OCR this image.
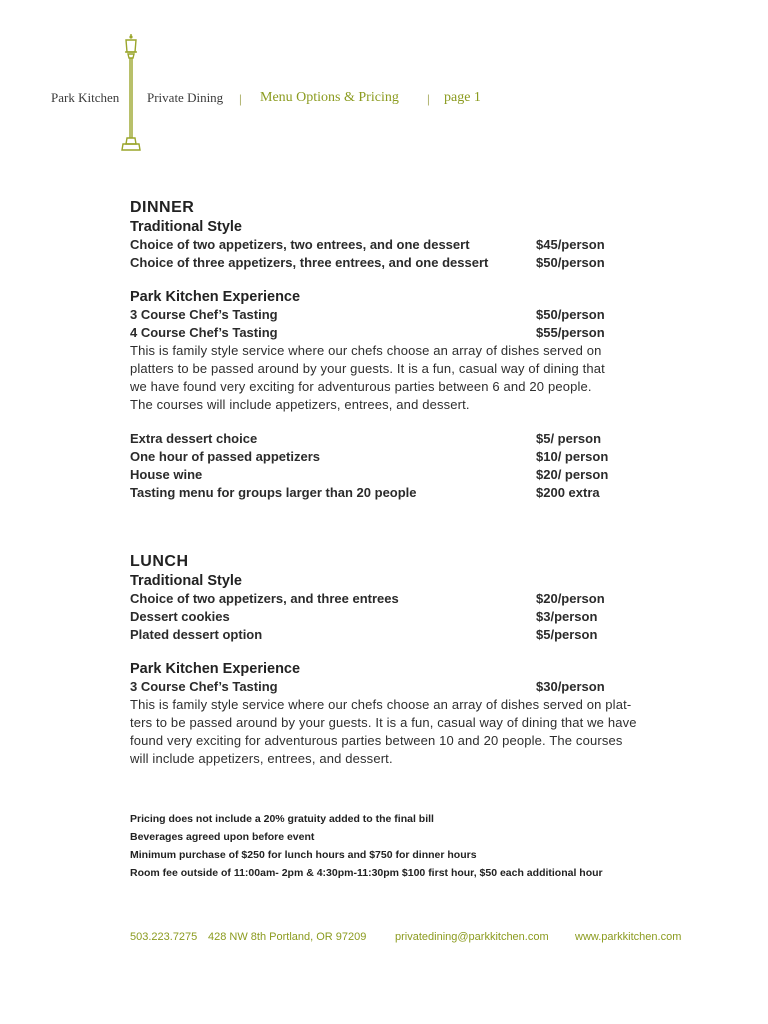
Park Kitchen Private Dining | Menu Options & Pricing | page 1
DINNER
Traditional Style
Choice of two appetizers, two entrees, and one dessert	$45/person
Choice of three appetizers, three entrees, and one dessert	$50/person
Park Kitchen Experience
3 Course Chef’s Tasting	$50/person
4 Course Chef’s Tasting	$55/person
This is family style service where our chefs choose an array of dishes served on
platters to be passed around by your guests. It is a fun, casual way of dining that
we have found very exciting for adventurous parties between 6 and 20 people.
The courses will include appetizers, entrees, and dessert.
Extra dessert choice	$5/ person
One hour of passed appetizers	$10/ person
House wine	$20/ person
Tasting menu for groups larger than 20 people	$200 extra
LUNCH
Traditional Style
Choice of two appetizers, and three entrees	$20/person
Dessert cookies	$3/person
Plated dessert option	$5/person
Park Kitchen Experience
3 Course Chef’s Tasting	$30/person
This is family style service where our chefs choose an array of dishes served on plat-
ters to be passed around by your guests. It is a fun, casual way of dining that we have
found very exciting for adventurous parties between 10 and 20 people. The courses
will include appetizers, entrees, and dessert.
Pricing does not include a 20% gratuity added to the final bill
Beverages agreed upon before event
Minimum purchase of $250 for lunch hours and $750 for dinner hours
Room fee outside of 11:00am- 2pm & 4:30pm-11:30pm $100 first hour, $50 each additional hour
503.223.7275 428 NW 8th Portland, OR 97209	privatedining@parkkitchen.com www.parkkitchen.com
